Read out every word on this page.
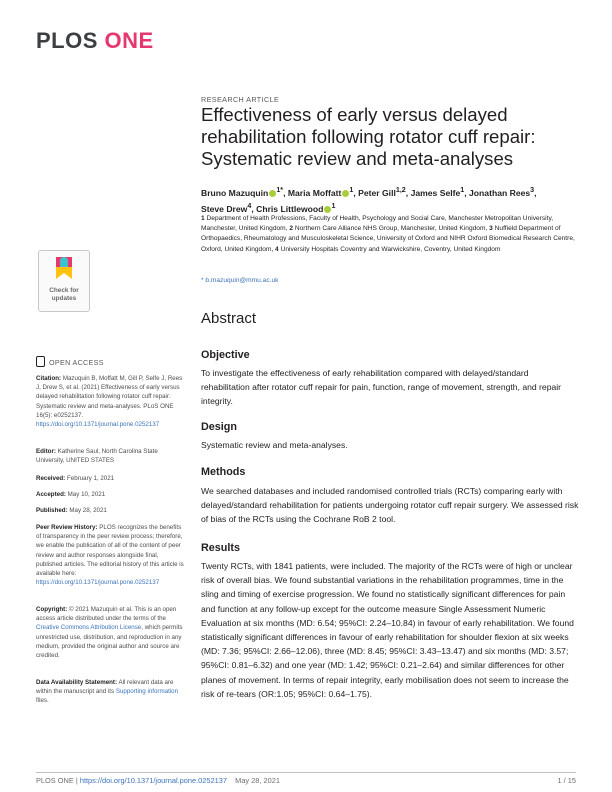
PLOS ONE
RESEARCH ARTICLE
Effectiveness of early versus delayed rehabilitation following rotator cuff repair: Systematic review and meta-analyses
Bruno Mazuquin $^{1*}$, Maria Moffatt $^1$, Peter Gill$^{1,2}$, James Selfe$^1$, Jonathan Rees$^3$,
Steve Drew$^4$, Chris Littlewood $^1$
1 Department of Health Professions, Faculty of Health, Psychology and Social Care, Manchester Metropolitan University, Manchester, United Kingdom, 2 Northern Care Alliance NHS Group, Manchester, United Kingdom, 3 Nuffield Department of Orthopaedics, Rheumatology and Musculoskeletal Science, University of Oxford and NIHR Oxford Biomedical Research Centre, Oxford, United Kingdom, 4 University Hospitals Coventry and Warwickshire, Coventry, United Kingdom
* b.mazuquin@mmu.ac.uk
Check for
updates
OPEN ACCESS

Citation: Mazuquin B, Moffatt M, Gill P, Selfe J, Rees J, Drew S, et al. (2021) Effectiveness of early versus delayed rehabilitation following rotator cuff repair: Systematic review and meta-analyses. PLoS ONE 16(5): e0252137. https://doi.org/10.1371/journal.pone.0252137

Editor: Katherine Saul, North Carolina State University, UNITED STATES

Received: February 1, 2021

Accepted: May 10, 2021

Published: May 28, 2021

Peer Review History: PLOS recognizes the benefits of transparency in the peer review process; therefore, we enable the publication of all of the content of peer review and author responses alongside final, published articles. The editorial history of this article is available here: https://doi.org/10.1371/journal.pone.0252137

Copyright: © 2021 Mazuquin et al. This is an open access article distributed under the terms of the Creative Commons Attribution License, which permits unrestricted use, distribution, and reproduction in any medium, provided the original author and source are credited.

Data Availability Statement: All relevant data are within the manuscript and its Supporting information files.

Abstract
Objective

To investigate the effectiveness of early rehabilitation compared with delayed/standard rehabilitation after rotator cuff repair for pain, function, range of movement, strength, and repair integrity.

Design

Systematic review and meta-analyses.

Methods

We searched databases and included randomised controlled trials (RCTs) comparing early with delayed/standard rehabilitation for patients undergoing rotator cuff repair surgery. We assessed risk of bias of the RCTs using the Cochrane RoB 2 tool.

Results

Twenty RCTs, with 1841 patients, were included. The majority of the RCTs were of high or unclear risk of overall bias. We found substantial variations in the rehabilitation programmes, time in the sling and timing of exercise progression. We found no statistically significant differences for pain and function at any follow-up except for the outcome measure Single Assessment Numeric Evaluation at six months (MD: 6.54; 95%CI: 2.24–10.84) in favour of early rehabilitation. We found statistically significant differences in favour of early rehabilitation for shoulder flexion at six weeks (MD: 7.36; 95%CI: 2.66–12.06), three (MD: 8.45; 95%CI: 3.43–13.47) and six months (MD: 3.57; 95%CI: 0.81–6.32) and one year (MD: 1.42; 95%CI: 0.21–2.64) and similar differences for other planes of movement. In terms of repair integrity, early mobilisation does not seem to increase the risk of re-tears (OR:1.05; 95%CI: 0.64–1.75).

PLOS ONE | https://doi.org/10.1371/journal.pone.0252137 May 28, 2021	1 / 15
